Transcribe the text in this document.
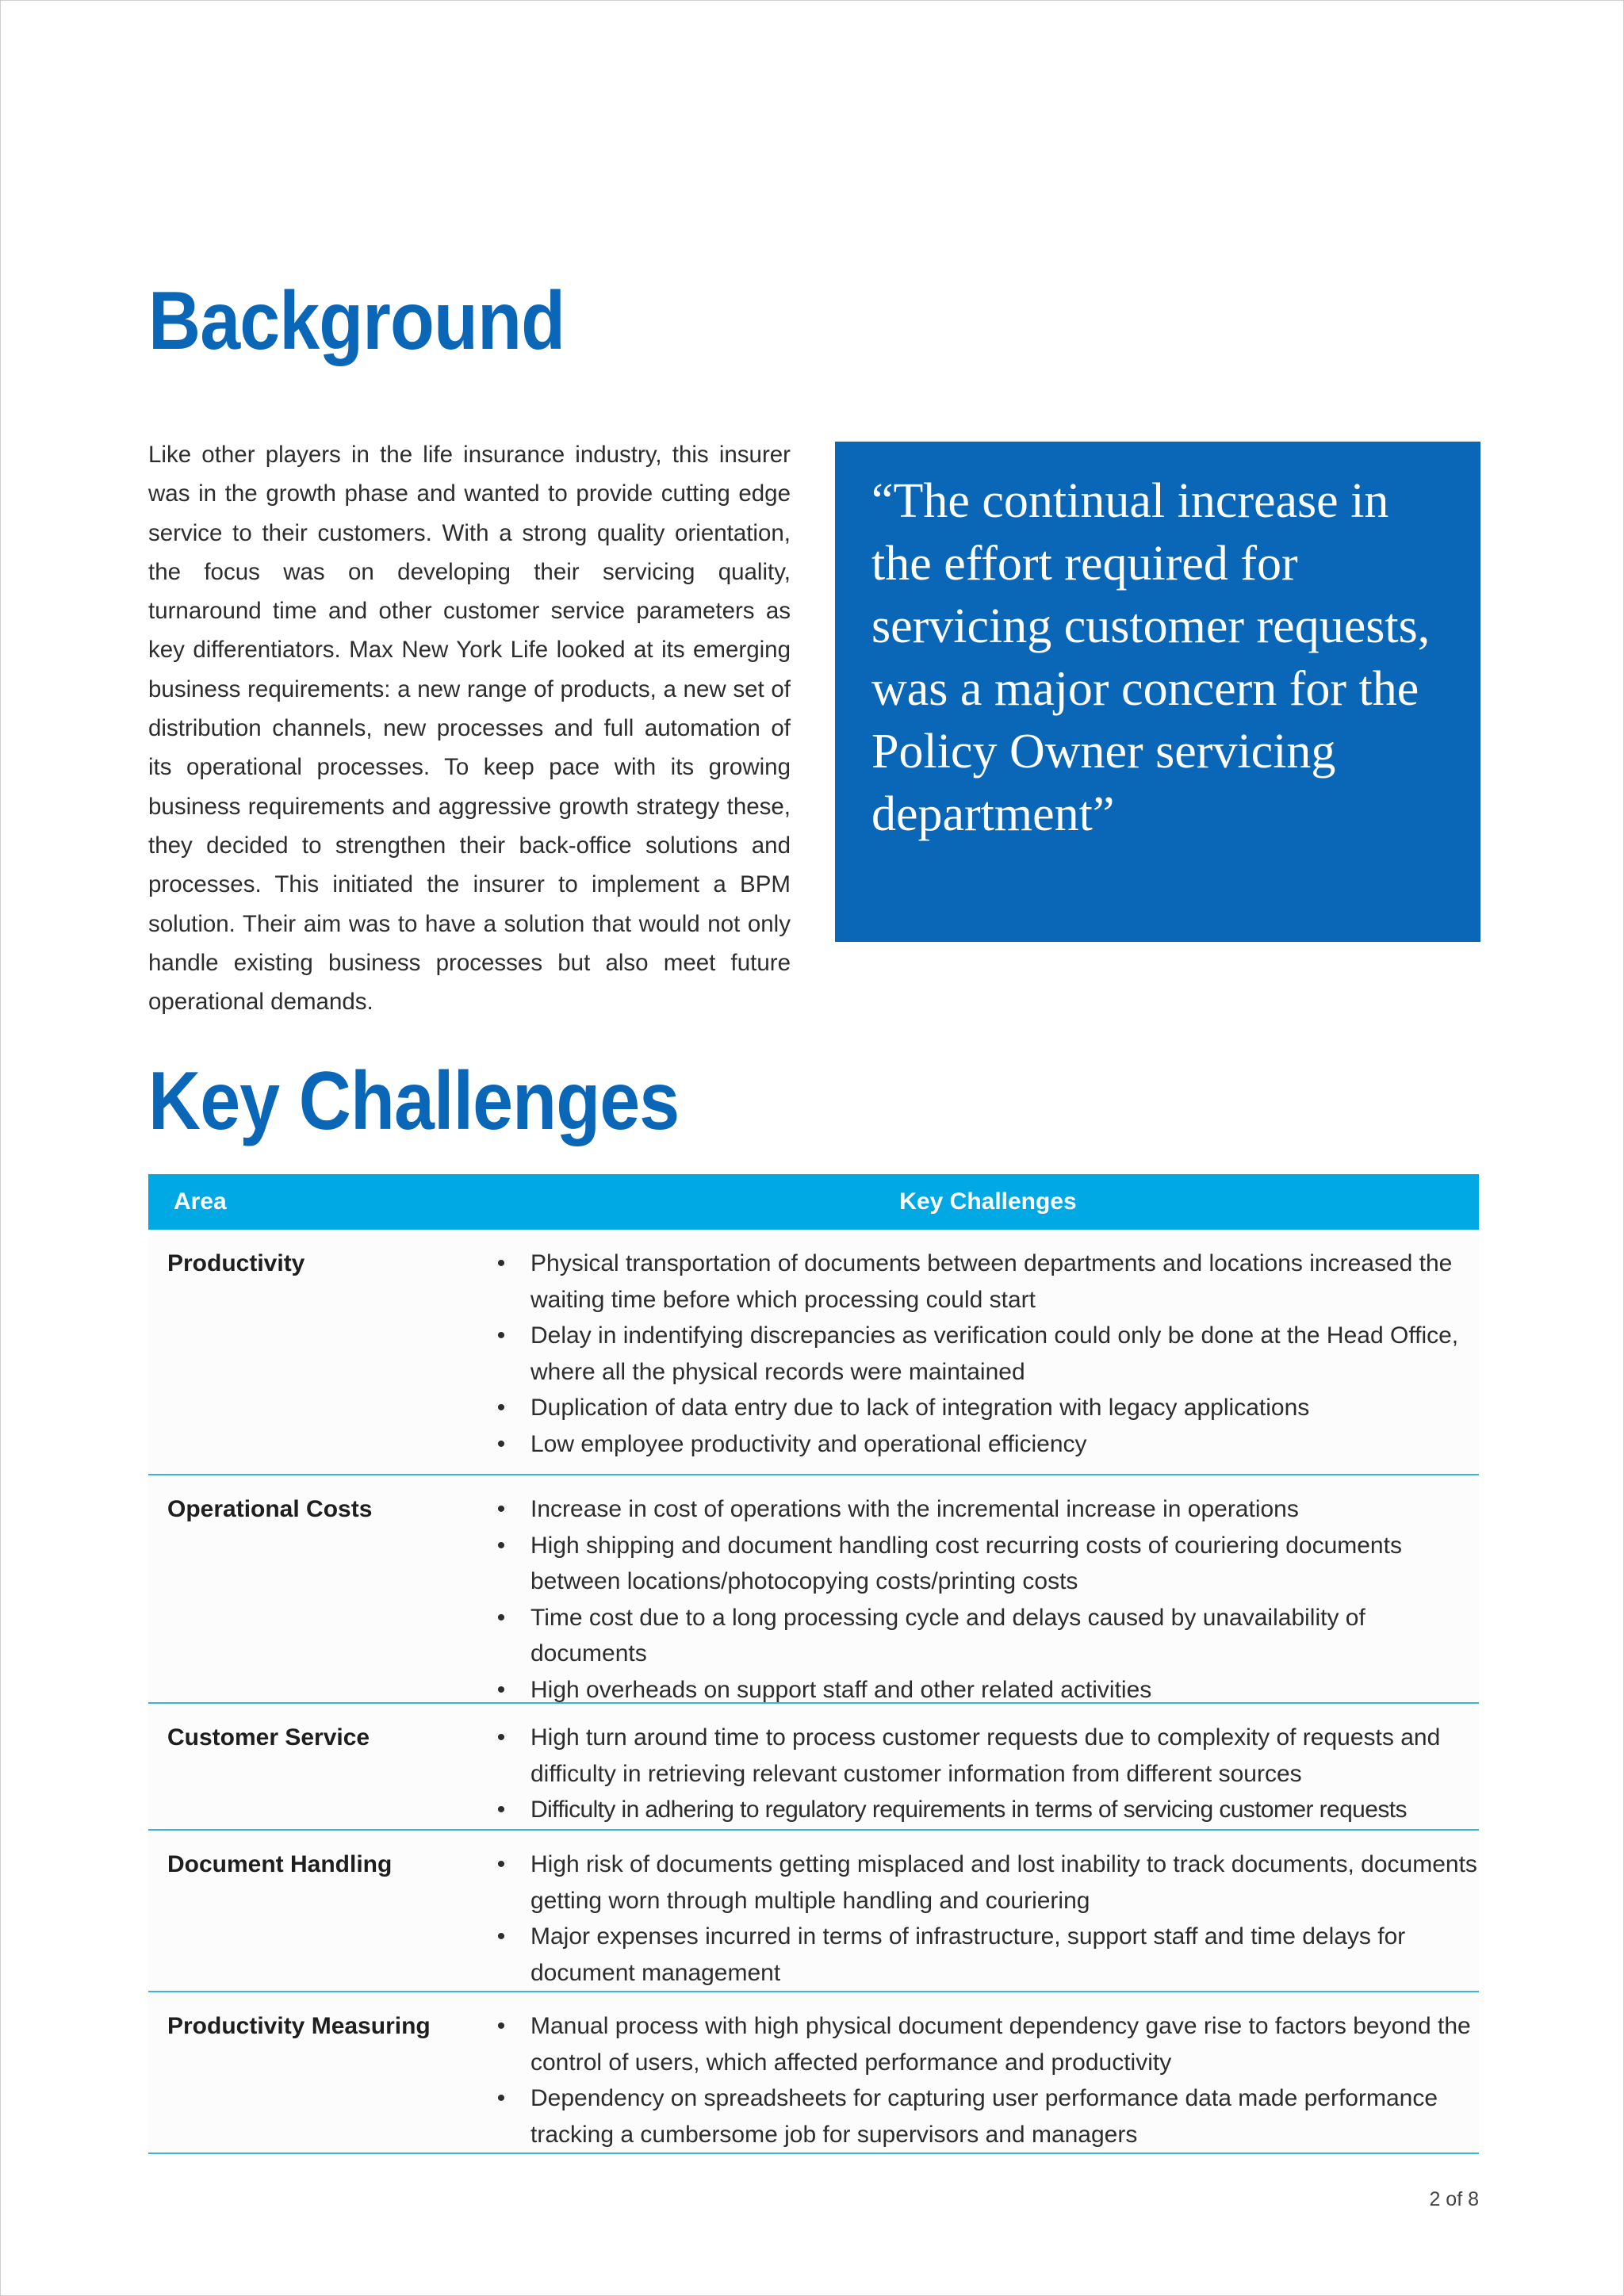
Background

Like other players in the life insurance industry, this insurer was in the growth phase and wanted to provide cutting edge service to their customers. With a strong quality orientation, the focus was on developing their servicing quality, turnaround time and other customer service parameters as key differentiators. Max New York Life looked at its emerging business requirements: a new range of products, a new set of distribution channels, new processes and full automation of its operational processes. To keep pace with its growing business requirements and aggressive growth strategy these, they decided to strengthen their back-office solutions and processes. This initiated the insurer to implement a BPM solution. Their aim was to have a solution that would not only handle existing business processes but also meet future operational demands.

“The continual increase in the effort required for servicing customer requests, was a major concern for the Policy Owner servicing department”

Key Challenges
Area	Key Challenges
Productivity	•	Physical transportation of documents between departments and locations increased the waiting time before which processing could start
•	Delay in indentifying discrepancies as verification could only be done at the Head Office, where all the physical records were maintained
•	Duplication of data entry due to lack of integration with legacy applications
•	Low employee productivity and operational efficiency
Operational Costs	•	Increase in cost of operations with the incremental increase in operations
•	High shipping and document handling cost recurring costs of couriering documents between locations/photocopying costs/printing costs
•	Time cost due to a long processing cycle and delays caused by unavailability of documents
•	High overheads on support staff and other related activities
Customer Service	•	High turn around time to process customer requests due to complexity of requests and difficulty in retrieving relevant customer information from different sources
•	Difficulty in adhering to regulatory requirements in terms of servicing customer requests
Document Handling	•	High risk of documents getting misplaced and lost inability to track documents, documents getting worn through multiple handling and couriering
•	Major expenses incurred in terms of infrastructure, support staff and time delays for document management
Productivity Measuring	•	Manual process with high physical document dependency gave rise to factors beyond the control of users, which affected performance and productivity
•	Dependency on spreadsheets for capturing user performance data made performance tracking a cumbersome job for supervisors and managers
2 of 8
